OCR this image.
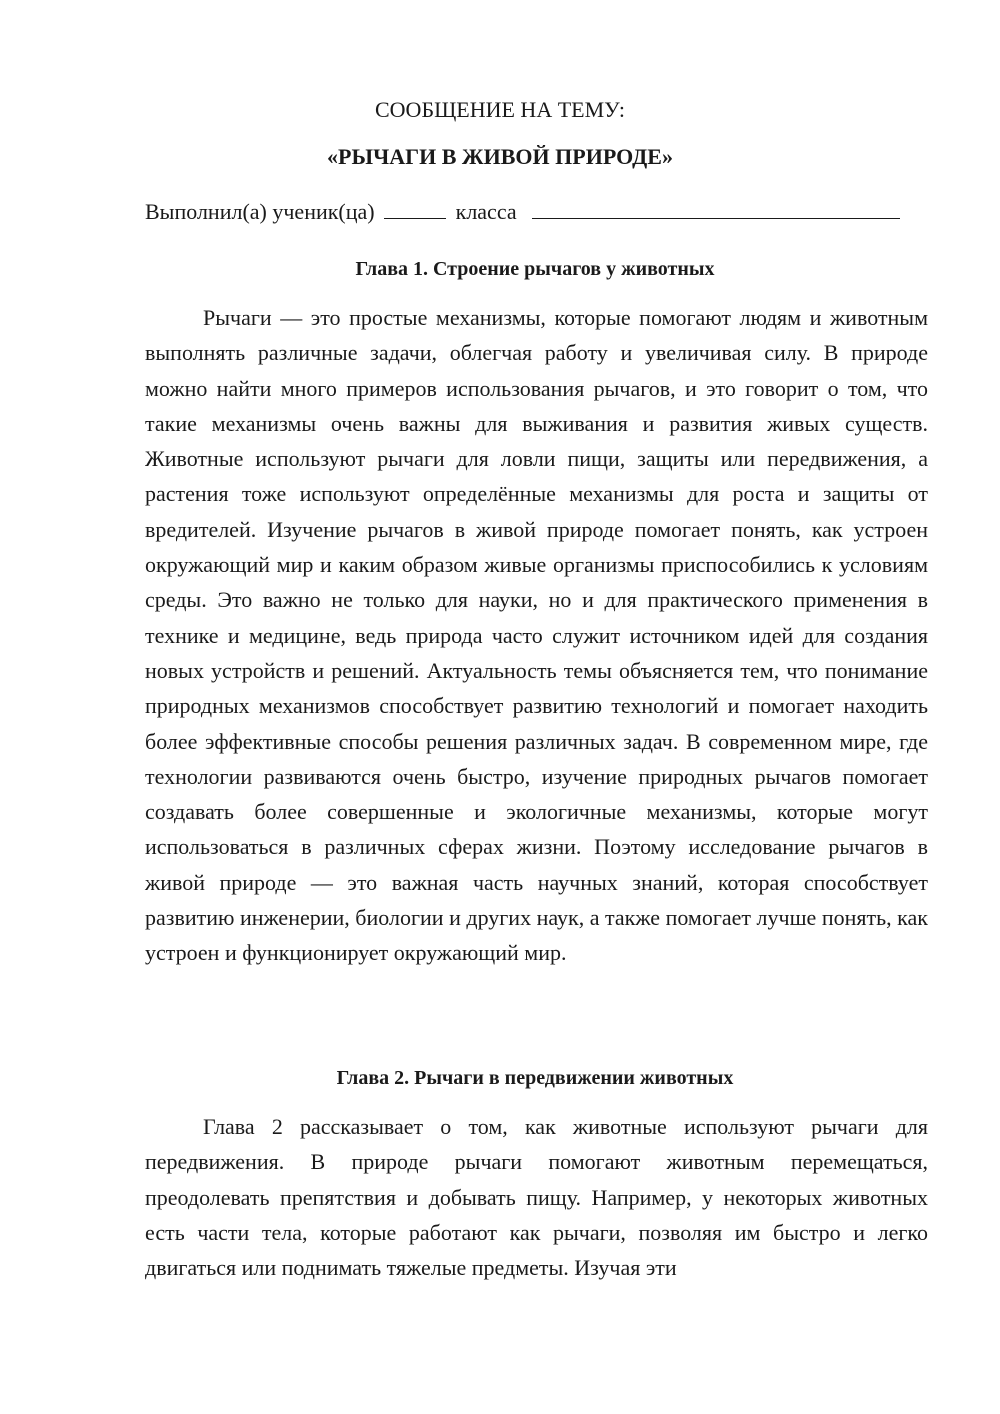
СООБЩЕНИЕ НА ТЕМУ:
«РЫЧАГИ В ЖИВОЙ ПРИРОДЕ»
Выполнил(а) ученик(ца)	класса
Глава 1. Строение рычагов у животных
Рычаги — это простые механизмы, которые помогают людям и животным выполнять различные задачи, облегчая работу и увеличивая силу. В природе можно найти много примеров использования рычагов, и это говорит о том, что такие механизмы очень важны для выживания и развития живых существ. Животные используют рычаги для ловли пищи, защиты или передвижения, а растения тоже используют определённые механизмы для роста и защиты от вредителей. Изучение рычагов в живой природе помогает понять, как устроен окружающий мир и каким образом живые организмы приспособились к условиям среды. Это важно не только для науки, но и для практического применения в технике и медицине, ведь природа часто служит источником идей для создания новых устройств и решений. Актуальность темы объясняется тем, что понимание природных механизмов способствует развитию технологий и помогает находить более эффективные способы решения различных задач. В современном мире, где технологии развиваются очень быстро, изучение природных рычагов помогает создавать более совершенные и экологичные механизмы, которые могут использоваться в различных сферах жизни. Поэтому исследование рычагов в живой природе — это важная часть научных знаний, которая способствует развитию инженерии, биологии и других наук, а также помогает лучше понять, как устроен и функционирует окружающий мир.
Глава 2. Рычаги в передвижении животных
Глава 2 рассказывает о том, как животные используют рычаги для передвижения. В природе рычаги помогают животным перемещаться, преодолевать препятствия и добывать пищу. Например, у некоторых животных есть части тела, которые работают как рычаги, позволяя им быстро и легко двигаться или поднимать тяжелые предметы. Изучая эти
